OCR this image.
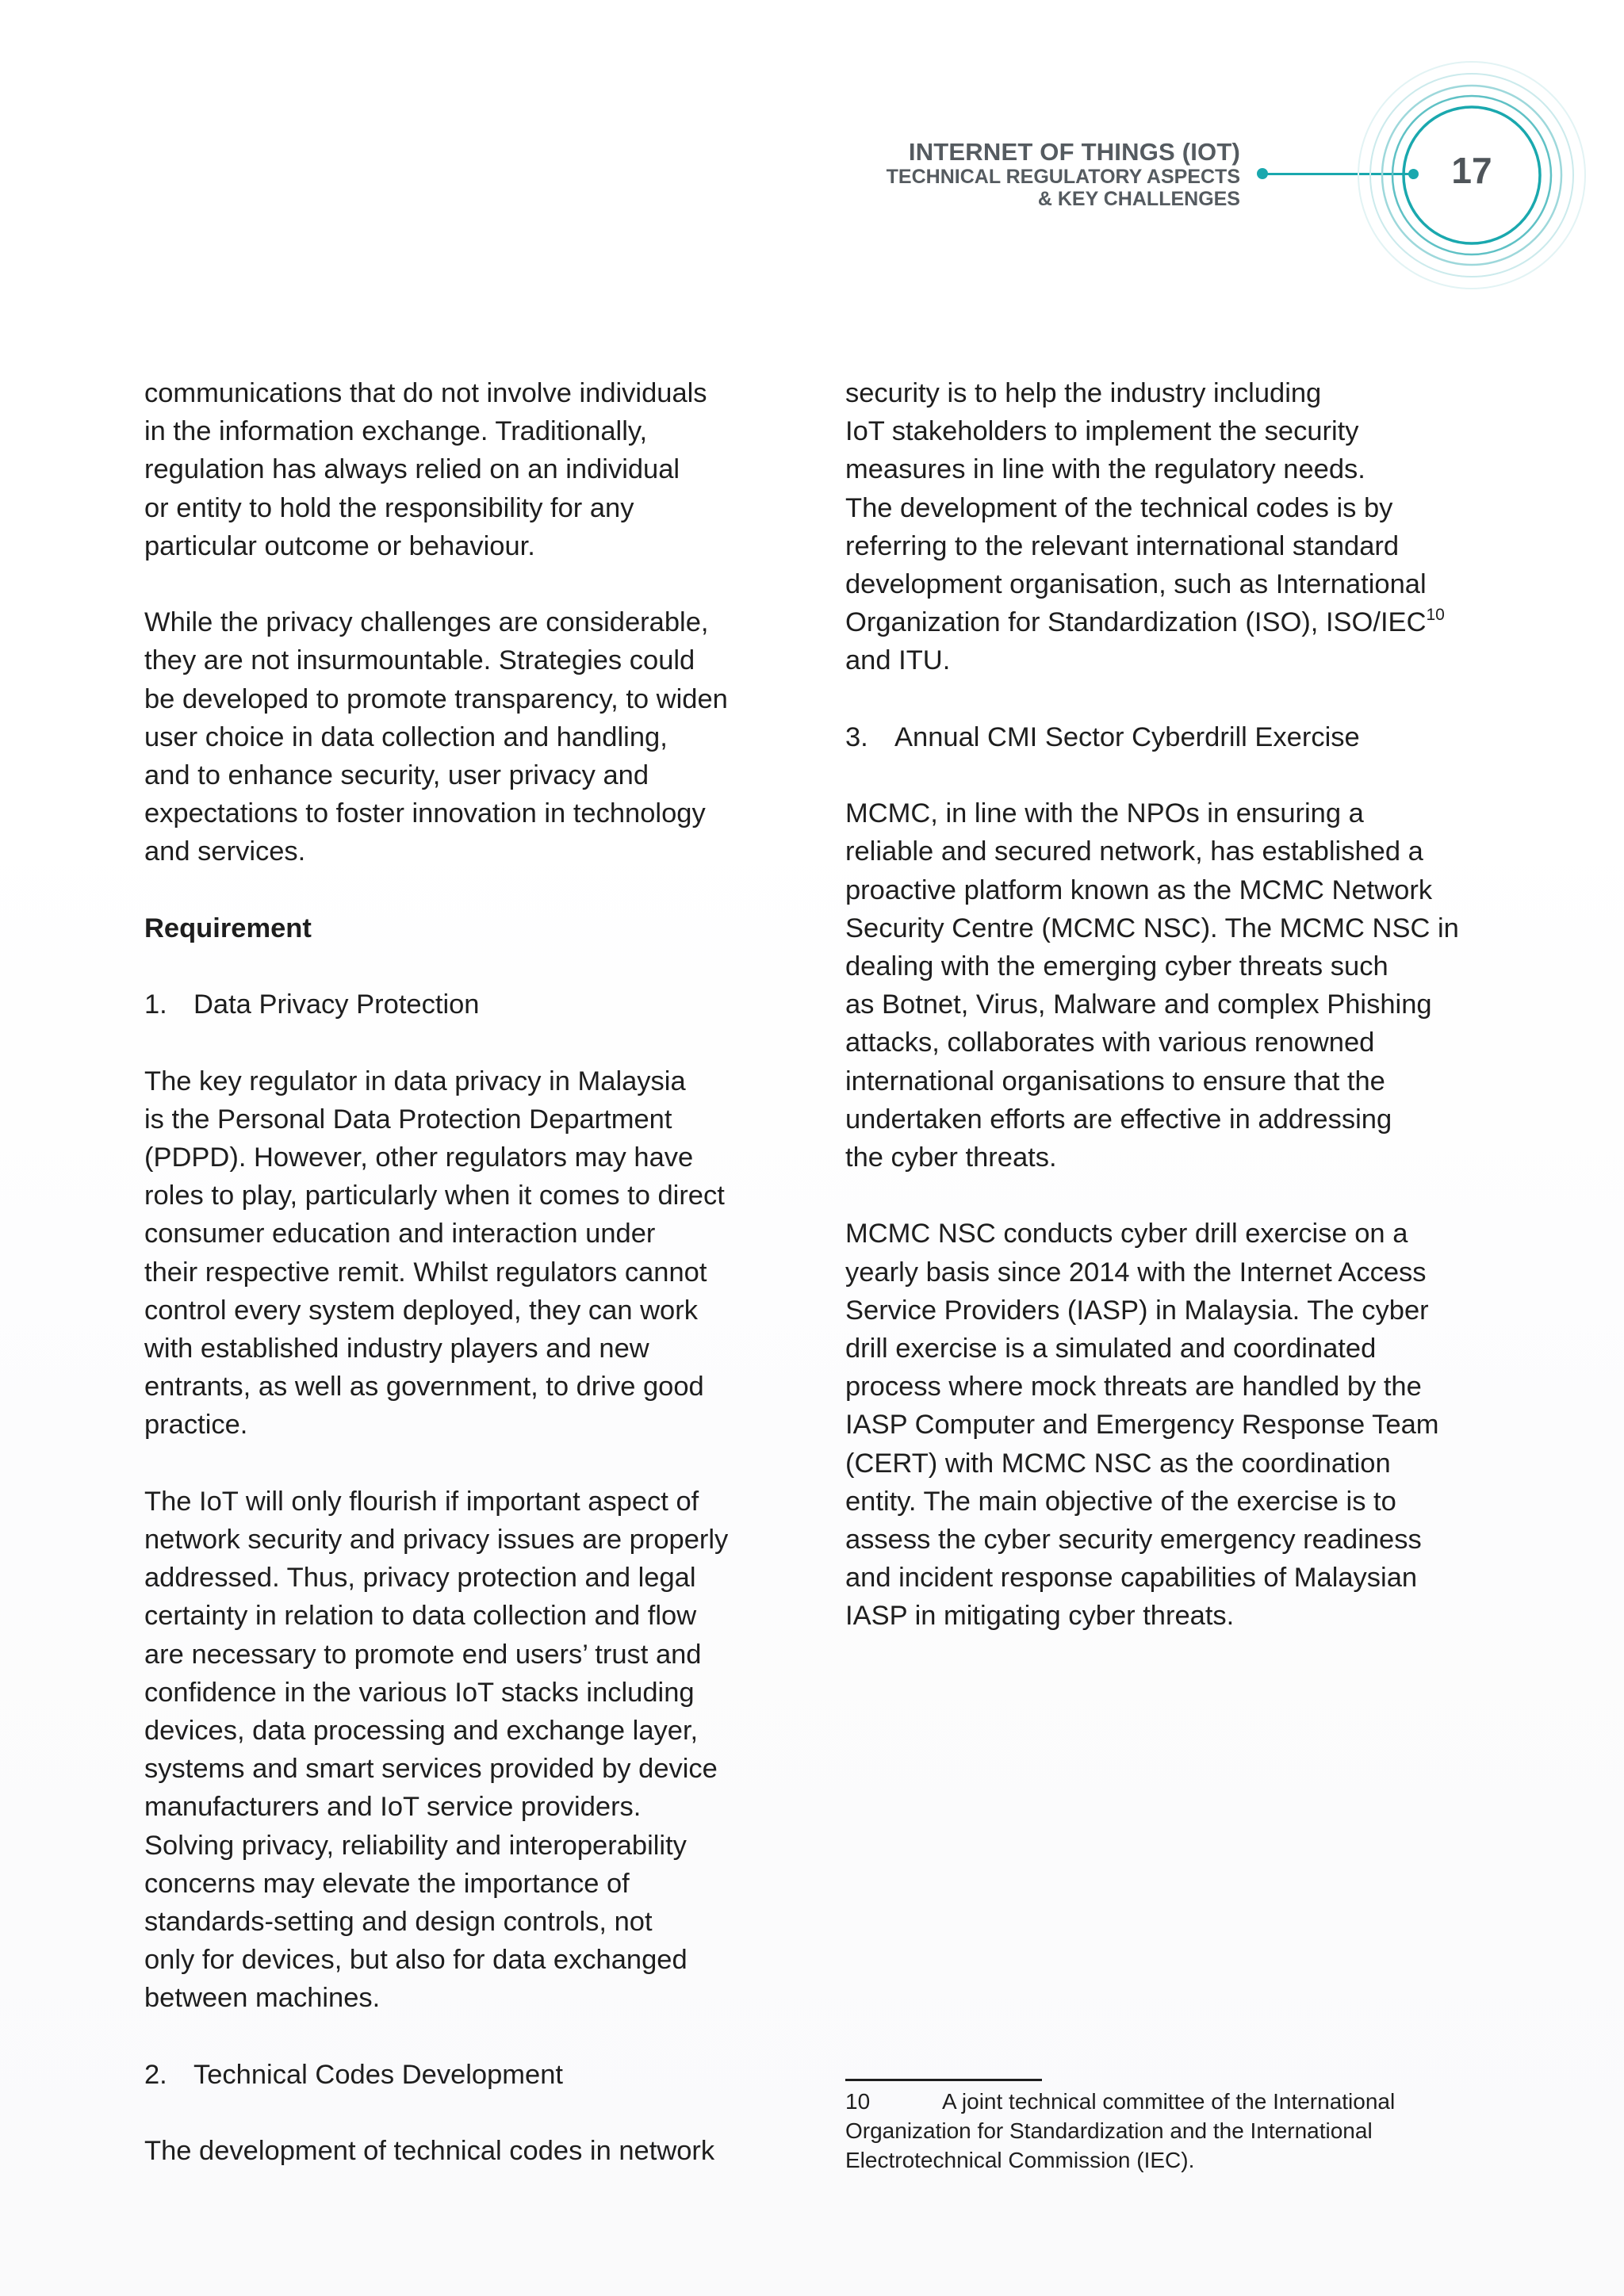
INTERNET OF THINGS (IOT)
TECHNICAL REGULATORY ASPECTS
& KEY CHALLENGES
17

communications that do not involve individuals
in the information exchange. Traditionally,
regulation has always relied on an individual
or entity to hold the responsibility for any
particular outcome or behaviour.

While the privacy challenges are considerable,
they are not insurmountable. Strategies could
be developed to promote transparency, to widen
user choice in data collection and handling,
and to enhance security, user privacy and
expectations to foster innovation in technology
and services.

Requirement

1. Data Privacy Protection

The key regulator in data privacy in Malaysia
is the Personal Data Protection Department
(PDPD). However, other regulators may have
roles to play, particularly when it comes to direct
consumer education and interaction under
their respective remit. Whilst regulators cannot
control every system deployed, they can work
with established industry players and new
entrants, as well as government, to drive good
practice.

The IoT will only flourish if important aspect of
network security and privacy issues are properly
addressed. Thus, privacy protection and legal
certainty in relation to data collection and flow
are necessary to promote end users’ trust and
confidence in the various IoT stacks including
devices, data processing and exchange layer,
systems and smart services provided by device
manufacturers and IoT service providers.
Solving privacy, reliability and interoperability
concerns may elevate the importance of
standards-setting and design controls, not
only for devices, but also for data exchanged
between machines.

2. Technical Codes Development

The development of technical codes in network

security is to help the industry including
IoT stakeholders to implement the security
measures in line with the regulatory needs.
The development of the technical codes is by
referring to the relevant international standard
development organisation, such as International
Organization for Standardization (ISO), ISO/IEC$^{10}$
and ITU.

3. Annual CMI Sector Cyberdrill Exercise

MCMC, in line with the NPOs in ensuring a
reliable and secured network, has established a
proactive platform known as the MCMC Network
Security Centre (MCMC NSC). The MCMC NSC in
dealing with the emerging cyber threats such
as Botnet, Virus, Malware and complex Phishing
attacks, collaborates with various renowned
international organisations to ensure that the
undertaken efforts are effective in addressing
the cyber threats.

MCMC NSC conducts cyber drill exercise on a
yearly basis since 2014 with the Internet Access
Service Providers (IASP) in Malaysia. The cyber
drill exercise is a simulated and coordinated
process where mock threats are handled by the
IASP Computer and Emergency Response Team
(CERT) with MCMC NSC as the coordination
entity. The main objective of the exercise is to
assess the cyber security emergency readiness
and incident response capabilities of Malaysian
IASP in mitigating cyber threats.

10	A joint technical committee of the International
Organization for Standardization and the International
Electrotechnical Commission (IEC).
